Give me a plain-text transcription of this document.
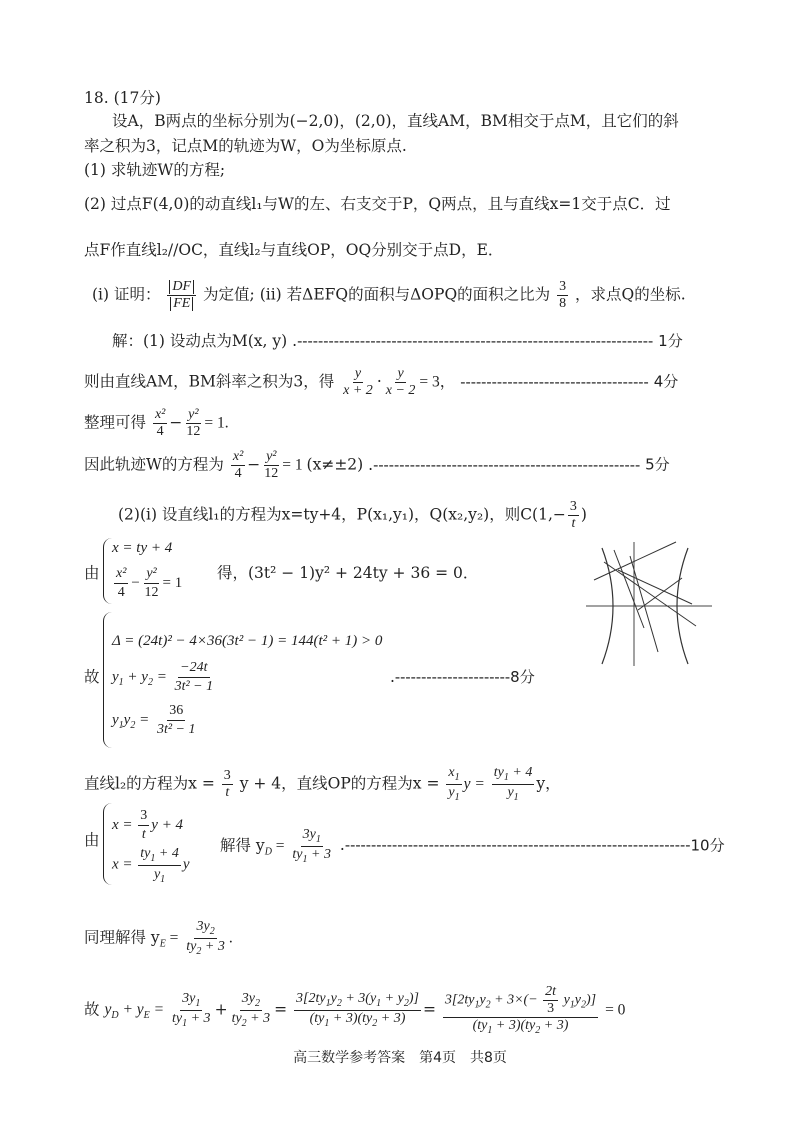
18. (17分)
设A，B两点的坐标分别为(−2,0)，(2,0)，直线AM，BM相交于点M，且它们的斜
率之积为3，记点M的轨迹为W，O为坐标原点.
(1) 求轨迹W的方程;
(2) 过点F(4,0)的动直线l₁与W的左、右支交于P，Q两点，且与直线x=1交于点C．过
点F作直线l₂//OC，直线l₂与直线OP，OQ分别交于点D，E．
(i) 证明： $\frac{DF}{FE}$ 为定值; (ii) 若ΔEFQ的面积与ΔOPQ的面积之比为 $\frac{3}{8}$ ，求点Q的坐标.
解：(1) 设动点为M(x, y) .-------------------------------------------------------------------- 1分
则由直线AM，BM斜率之积为3，得 $\frac{y}{x + 2} \cdot \frac{y}{x - 2} = 3$， ------------------------------------ 4分
整理可得 $\frac{\text{x²}}{4} - \frac{\text{y²}}{12} = 1$.
因此轨迹W的方程为 $\frac{\text{x²}}{4} - \frac{\text{y²}}{12} = 1$ (x≠±2) .--------------------------------------------------- 5分
(2)(i) 设直线l₁的方程为x=ty+4，P(x₁,y₁)，Q(x₂,y₂)，则$C(1,- \frac{3}{t}$ )
由
x = ty + 4
$\frac{\text{x²}}{4} - \frac{\text{y²}}{12} = 1$
得，(3t² − 1)y² + 24ty + 36 = 0．
故
Δ = (24t)² − 4×36(3t² − 1) = 144(t² + 1) > 0
$y_1 + y_2 = \frac{-24t}{\text{3t² − 1}}$
$y_1y_2 = \frac{36}{\text{3t² − 1}}$
.----------------------8分
直线l₂的方程为$x = \frac{3}{t}$ y + 4，直线OP的方程为$x = \frac{x_1}{y_1}$ $y = \frac{ty_1 + 4}{y_1}$ y，
由
$x = \frac{3}{t}$ y + 4
$x = \frac{ty_1 + 4}{y_1}$ y
解得 $y_D = \frac{3y_1}{ty_1 + 3} .------------------------------------------------------------------10$分
同理解得 $y_E = \frac{3y_2}{ty_2 + 3}$ .
故 $y_D + y_E = \frac{3y_1}{ty_1 + 3} + \frac{3y_2}{ty_2 + 3} = \frac{3[2ty_1y_2 + 3(y_1 + y_2)]}{(ty_1 + 3)(ty_2 + 3)} = \frac{3[2ty_1y_2 + 3\times(- \frac{2t}{3} y_1y_2)]}{(ty_1 + 3)(ty_2 + 3)} = 0$
高三数学参考答案　第4页　共8页
